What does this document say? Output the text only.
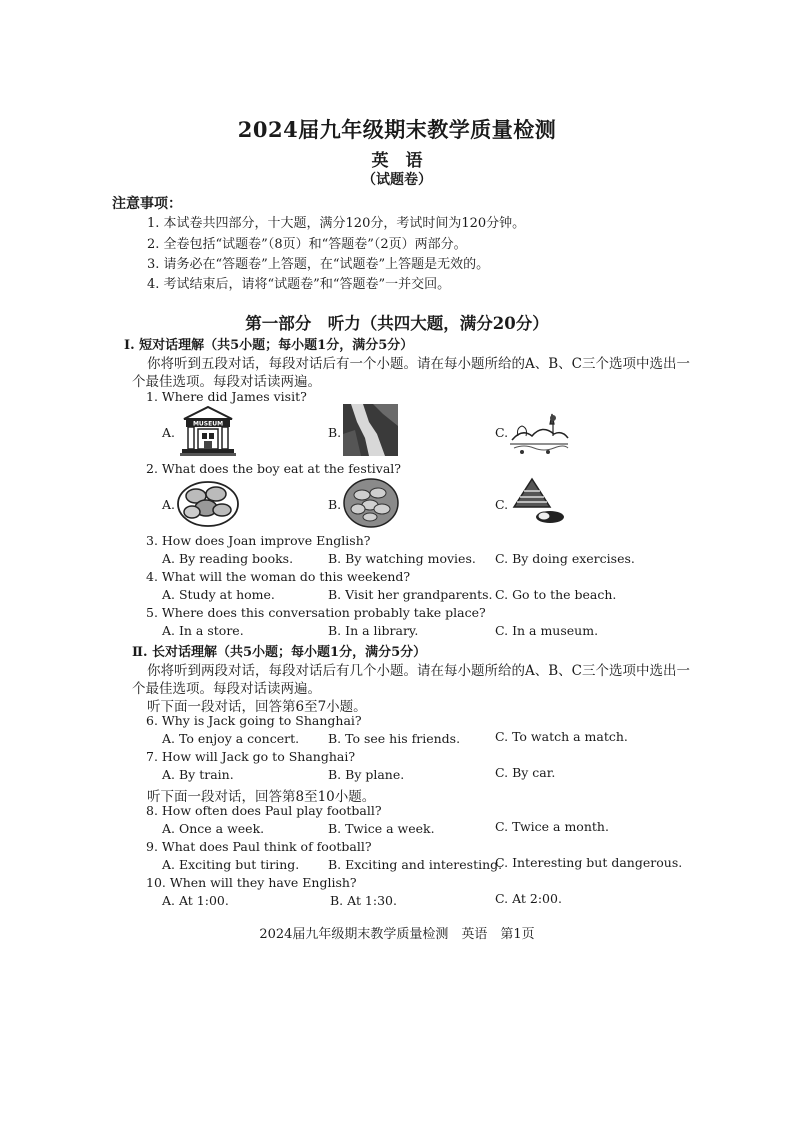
2024届九年级期末教学质量检测
英　语
（试题卷）
注意事项：
1. 本试卷共四部分，十大题，满分120分，考试时间为120分钟。
2. 全卷包括“试题卷”（8页）和“答题卷”（2页）两部分。
3. 请务必在“答题卷”上答题，在“试题卷”上答题是无效的。
4. 考试结束后，请将“试题卷”和“答题卷”一并交回。
第一部分　听力（共四大题，满分20分）
Ⅰ. 短对话理解（共5小题；每小题1分，满分5分）
你将听到五段对话，每段对话后有一个小题。请在每小题所给的A、B、C三个选项中选出一
个最佳选项。每段对话读两遍。
1. Where did James visit?
A.
MUSEUM
B.	C.
2. What does the boy eat at the festival?
A.	B.	C.
3. How does Joan improve English?
A. By reading books.	B. By watching movies. C. By doing exercises.
4. What will the woman do this weekend?
A. Study at home.	B. Visit her grandparents. C. Go to the beach.
5. Where does this conversation probably take place?
A. In a store.	B. In a library.	C. In a museum.
Ⅱ. 长对话理解（共5小题；每小题1分，满分5分）
你将听到两段对话，每段对话后有几个小题。请在每小题所给的A、B、C三个选项中选出一
个最佳选项。每段对话读两遍。
听下面一段对话，回答第6至7小题。
6. Why is Jack going to Shanghai?
A. To enjoy a concert. B. To see his friends.	C. To watch a match.
7. How will Jack go to Shanghai?
A. By train.	B. By plane.	C. By car.
听下面一段对话，回答第8至10小题。
8. How often does Paul play football?
A. Once a week.	B. Twice a week.	C. Twice a month.
9. What does Paul think of football?
A. Exciting but tiring. B. Exciting and interesting.
C. Interesting but dangerous.
10. When will they have English?
A. At 1:00.	B. At 1:30.	C. At 2:00.
2024届九年级期末教学质量检测　英语　第1页
